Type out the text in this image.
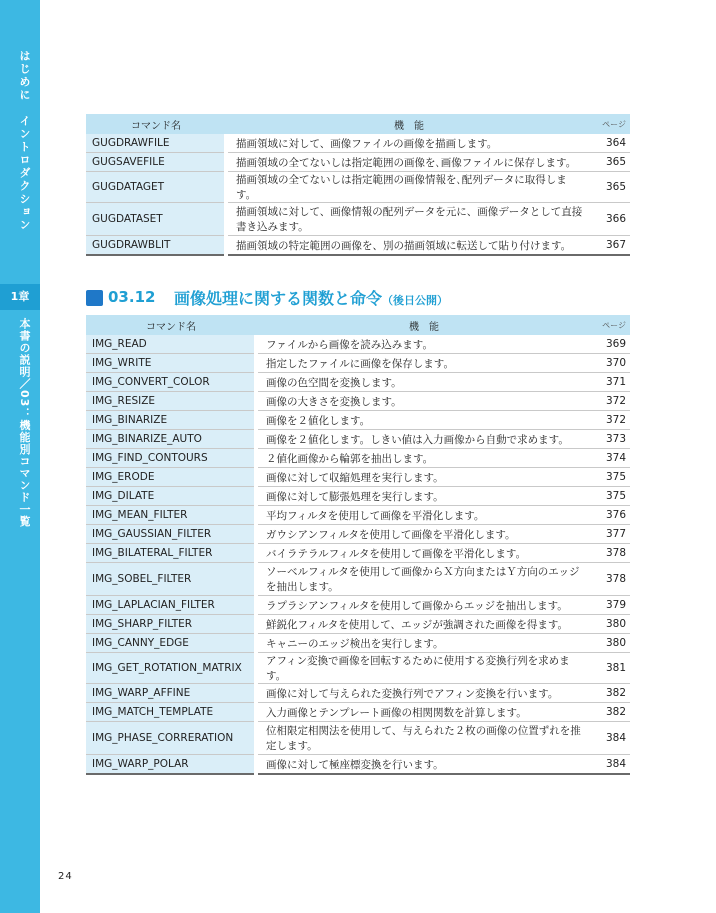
はじめに　イントロダクション
1章
本書の説明／03：機能別コマンド一覧
コマンド名	機　能	ページ
GUGDRAWFILE	描画領域に対して、画像ファイルの画像を描画します。	364
GUGSAVEFILE	描画領域の全てないしは指定範囲の画像を､画像ファイルに保存します。	365
GUGDATAGET	描画領域の全てないしは指定範囲の画像情報を､配列データに取得します。	365
GUGDATASET	描画領域に対して、画像情報の配列データを元に、画像データとして直接書き込みます。	366
GUGDRAWBLIT	描画領域の特定範囲の画像を、別の描画領域に転送して貼り付けます。	367
03.12 画像処理に関する関数と命令（後日公開）
コマンド名	機　能	ページ
IMG_READ	ファイルから画像を読み込みます。	369
IMG_WRITE	指定したファイルに画像を保存します。	370
IMG_CONVERT_COLOR	画像の色空間を変換します。	371
IMG_RESIZE	画像の大きさを変換します。	372
IMG_BINARIZE	画像を２値化します。	372
IMG_BINARIZE_AUTO	画像を２値化します。しきい値は入力画像から自動で求めます。	373
IMG_FIND_CONTOURS	２値化画像から輪郭を抽出します。	374
IMG_ERODE	画像に対して収縮処理を実行します。	375
IMG_DILATE	画像に対して膨張処理を実行します。	375
IMG_MEAN_FILTER	平均フィルタを使用して画像を平滑化します。	376
IMG_GAUSSIAN_FILTER	ガウシアンフィルタを使用して画像を平滑化します。	377
IMG_BILATERAL_FILTER	バイラテラルフィルタを使用して画像を平滑化します。	378
IMG_SOBEL_FILTER	ソーベルフィルタを使用して画像からＸ方向またはＹ方向のエッジを抽出します。	378
IMG_LAPLACIAN_FILTER	ラプラシアンフィルタを使用して画像からエッジを抽出します。	379
IMG_SHARP_FILTER	鮮鋭化フィルタを使用して、エッジが強調された画像を得ます。	380
IMG_CANNY_EDGE	キャニーのエッジ検出を実行します。	380
IMG_GET_ROTATION_MATRIX	アフィン変換で画像を回転するために使用する変換行列を求めます。	381
IMG_WARP_AFFINE	画像に対して与えられた変換行列でアフィン変換を行います。	382
IMG_MATCH_TEMPLATE	入力画像とテンプレート画像の相関関数を計算します。	382
IMG_PHASE_CORRERATION	位相限定相関法を使用して、与えられた２枚の画像の位置ずれを推定します。	384
IMG_WARP_POLAR	画像に対して極座標変換を行います。	384
24
